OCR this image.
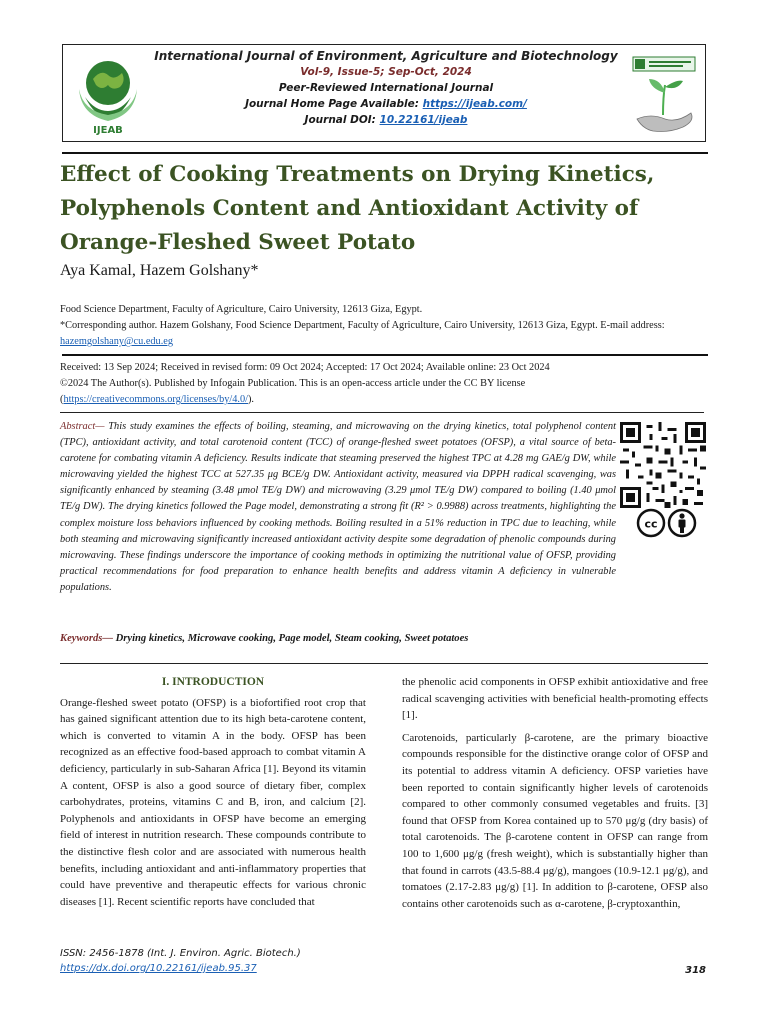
IJEAB
International Journal of Environment, Agriculture and Biotechnology
Vol-9, Issue-5; Sep-Oct, 2024
Peer-Reviewed International Journal
Journal Home Page Available: https://ijeab.com/
Journal DOI: 10.22161/ijeab
Effect of Cooking Treatments on Drying Kinetics, Polyphenols Content and Antioxidant Activity of Orange-Fleshed Sweet Potato
Aya Kamal, Hazem Golshany*
Food Science Department, Faculty of Agriculture, Cairo University, 12613 Giza, Egypt.
*Corresponding author. Hazem Golshany, Food Science Department, Faculty of Agriculture, Cairo University, 12613 Giza, Egypt. E-mail address: hazemgolshany@cu.edu.eg
Received: 13 Sep 2024; Received in revised form: 09 Oct 2024; Accepted: 17 Oct 2024; Available online: 23 Oct 2024
©2024 The Author(s). Published by Infogain Publication. This is an open-access article under the CC BY license
(https://creativecommons.org/licenses/by/4.0/).

Abstract— This study examines the effects of boiling, steaming, and microwaving on the drying kinetics, total polyphenol content (TPC), antioxidant activity, and total carotenoid content (TCC) of orange-fleshed sweet potatoes (OFSP), a vital source of beta-carotene for combating vitamin A deficiency. Results indicate that steaming preserved the highest TPC at 4.28 mg GAE/g DW, while microwaving yielded the highest TCC at 527.35 μg BCE/g DW. Antioxidant activity, measured via DPPH radical scavenging, was significantly enhanced by steaming (3.48 μmol TE/g DW) and microwaving (3.29 μmol TE/g DW) compared to boiling (1.40 μmol TE/g DW). The drying kinetics followed the Page model, demonstrating a strong fit (R² > 0.9988) across treatments, highlighting the complex moisture loss behaviors influenced by cooking methods. Boiling resulted in a 51% reduction in TPC due to leaching, while both steaming and microwaving significantly increased antioxidant activity despite some degradation of phenolic compounds during microwaving. These findings underscore the importance of cooking methods in optimizing the nutritional value of OFSP, providing practical recommendations for food preparation to enhance health benefits and address vitamin A deficiency in vulnerable populations.

cc
Keywords— Drying kinetics, Microwave cooking, Page model, Steam cooking, Sweet potatoes
I. INTRODUCTION

Orange-fleshed sweet potato (OFSP) is a biofortified root crop that has gained significant attention due to its high beta-carotene content, which is converted to vitamin A in the body. OFSP has been recognized as an effective food-based approach to combat vitamin A deficiency, particularly in sub-Saharan Africa [1]. Beyond its vitamin A content, OFSP is also a good source of dietary fiber, complex carbohydrates, proteins, vitamins C and B, iron, and calcium [2]. Polyphenols and antioxidants in OFSP have become an emerging field of interest in nutrition research. These compounds contribute to the distinctive flesh color and are associated with numerous health benefits, including antioxidant and anti-inflammatory properties that could have preventive and therapeutic effects for various chronic diseases [1]. Recent scientific reports have concluded that

the phenolic acid components in OFSP exhibit antioxidative and free radical scavenging activities with beneficial health-promoting effects [1].

Carotenoids, particularly β-carotene, are the primary bioactive compounds responsible for the distinctive orange color of OFSP and its potential to address vitamin A deficiency. OFSP varieties have been reported to contain significantly higher levels of carotenoids compared to other commonly consumed vegetables and fruits. [3] found that OFSP from Korea contained up to 570 μg/g (dry basis) of total carotenoids. The β-carotene content in OFSP can range from 100 to 1,600 μg/g (fresh weight), which is substantially higher than that found in carrots (43.5-88.4 μg/g), mangoes (10.9-12.1 μg/g), and tomatoes (2.17-2.83 μg/g) [1]. In addition to β-carotene, OFSP also contains other carotenoids such as α-carotene, β-cryptoxanthin,

ISSN: 2456-1878 (Int. J. Environ. Agric. Biotech.)
https://dx.doi.org/10.22161/ijeab.95.37	318
